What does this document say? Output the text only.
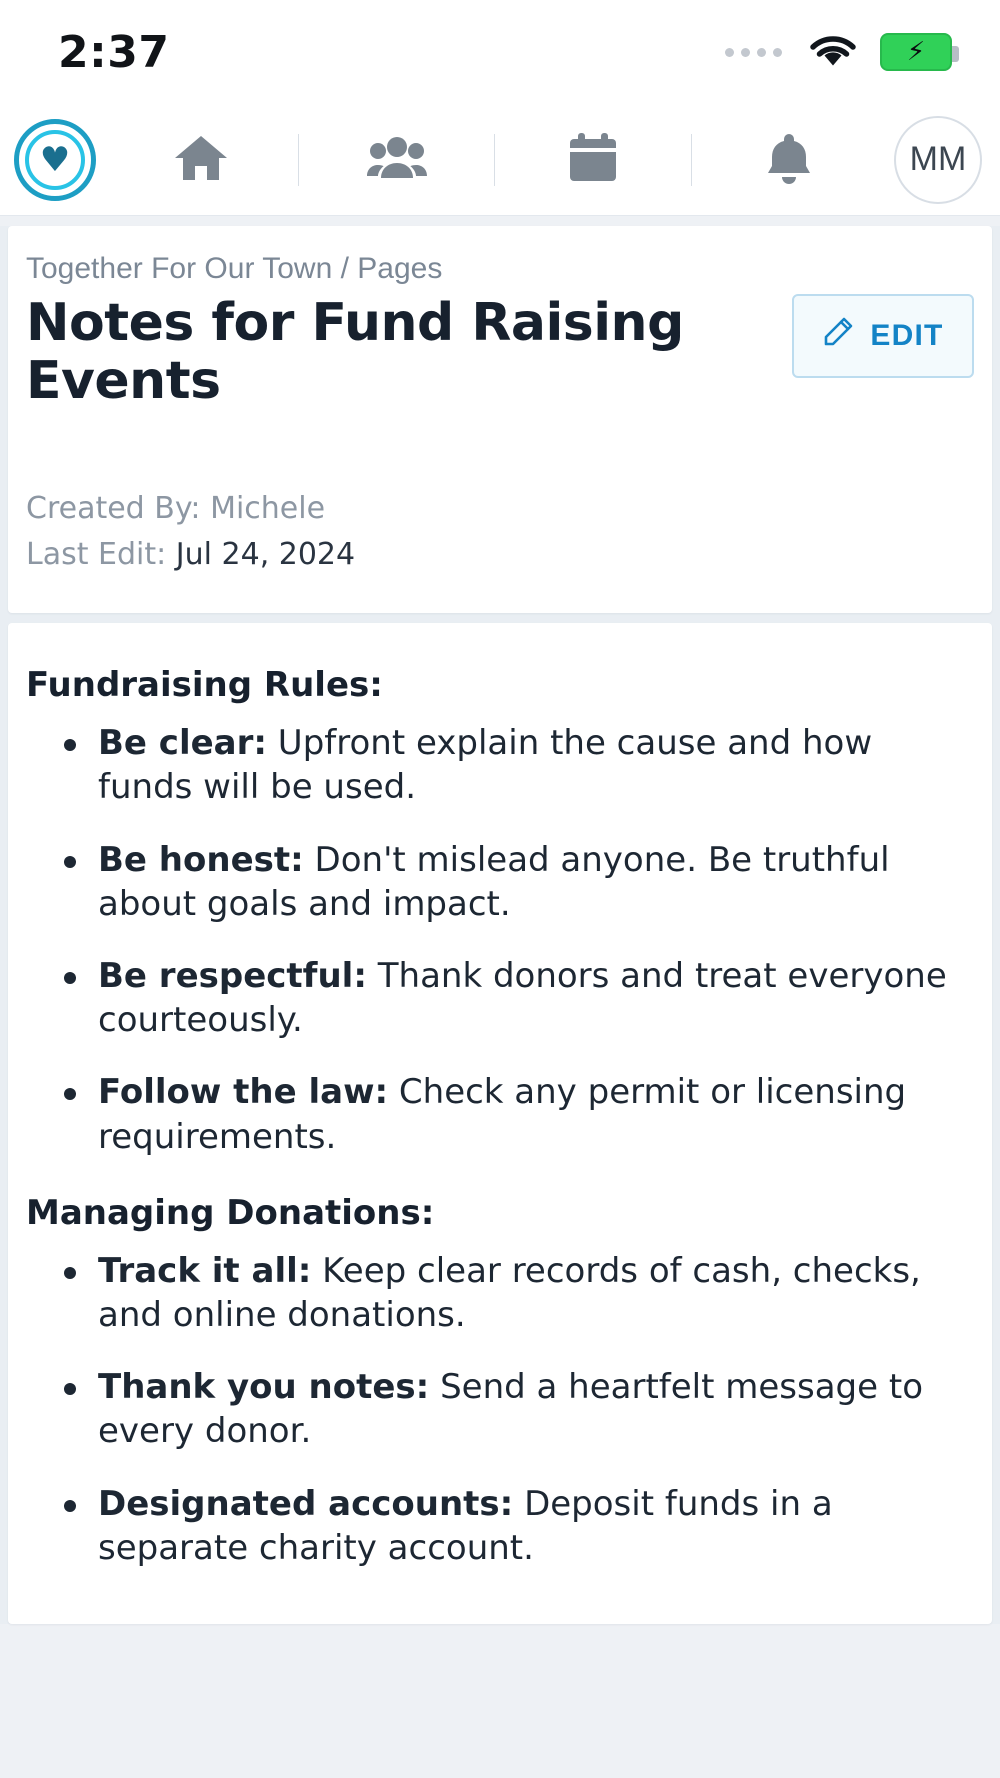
2:37	⚡
♥	MM
Together For Our Town / Pages
Notes for Fund Raising Events
EDIT
Created By: Michele
Last Edit: Jul 24, 2024
Fundraising Rules:
Be clear: Upfront explain the cause and how funds will be used.
Be honest: Don't mislead anyone. Be truthful about goals and impact.
Be respectful: Thank donors and treat everyone courteously.
Follow the law: Check any permit or licensing requirements.
Managing Donations:
Track it all: Keep clear records of cash, checks, and online donations.
Thank you notes: Send a heartfelt message to every donor.
Designated accounts: Deposit funds in a separate charity account.
